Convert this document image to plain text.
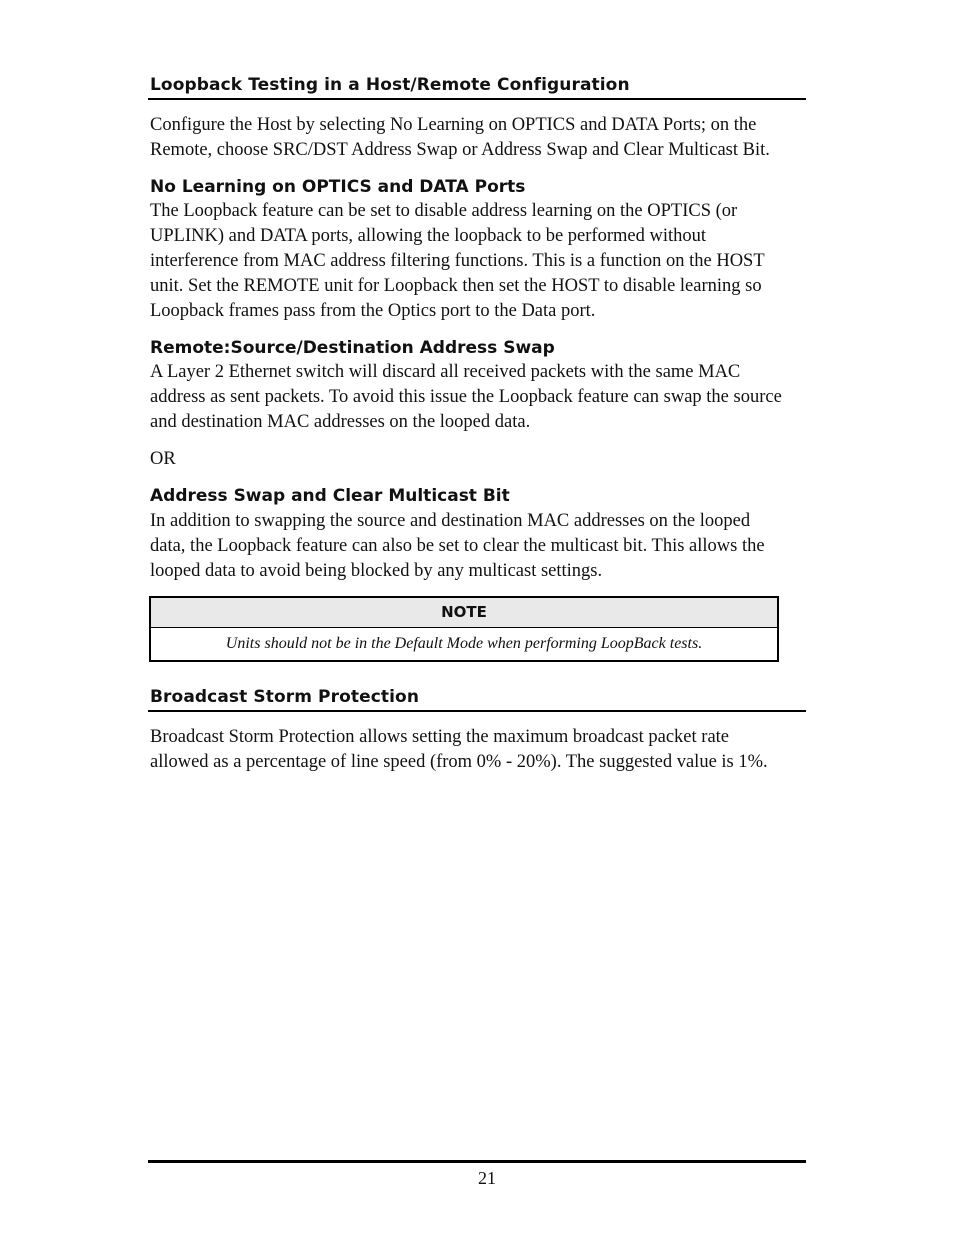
Loopback Testing in a Host/Remote Configuration

Configure the Host by selecting No Learning on OPTICS and DATA Ports; on the
Remote, choose SRC/DST Address Swap or Address Swap and Clear Multicast Bit.

No Learning on OPTICS and DATA Ports

The Loopback feature can be set to disable address learning on the OPTICS (or
UPLINK) and DATA ports, allowing the loopback to be performed without
interference from MAC address filtering functions. This is a function on the HOST
unit. Set the REMOTE unit for Loopback then set the HOST to disable learning so
Loopback frames pass from the Optics port to the Data port.

Remote:Source/Destination Address Swap

A Layer 2 Ethernet switch will discard all received packets with the same MAC
address as sent packets. To avoid this issue the Loopback feature can swap the source
and destination MAC addresses on the looped data.

OR

Address Swap and Clear Multicast Bit

In addition to swapping the source and destination MAC addresses on the looped
data, the Loopback feature can also be set to clear the multicast bit. This allows the
looped data to avoid being blocked by any multicast settings.

NOTE
Units should not be in the Default Mode when performing LoopBack tests.
Broadcast Storm Protection

Broadcast Storm Protection allows setting the maximum broadcast packet rate
allowed as a percentage of line speed (from 0% - 20%). The suggested value is 1%.

21
